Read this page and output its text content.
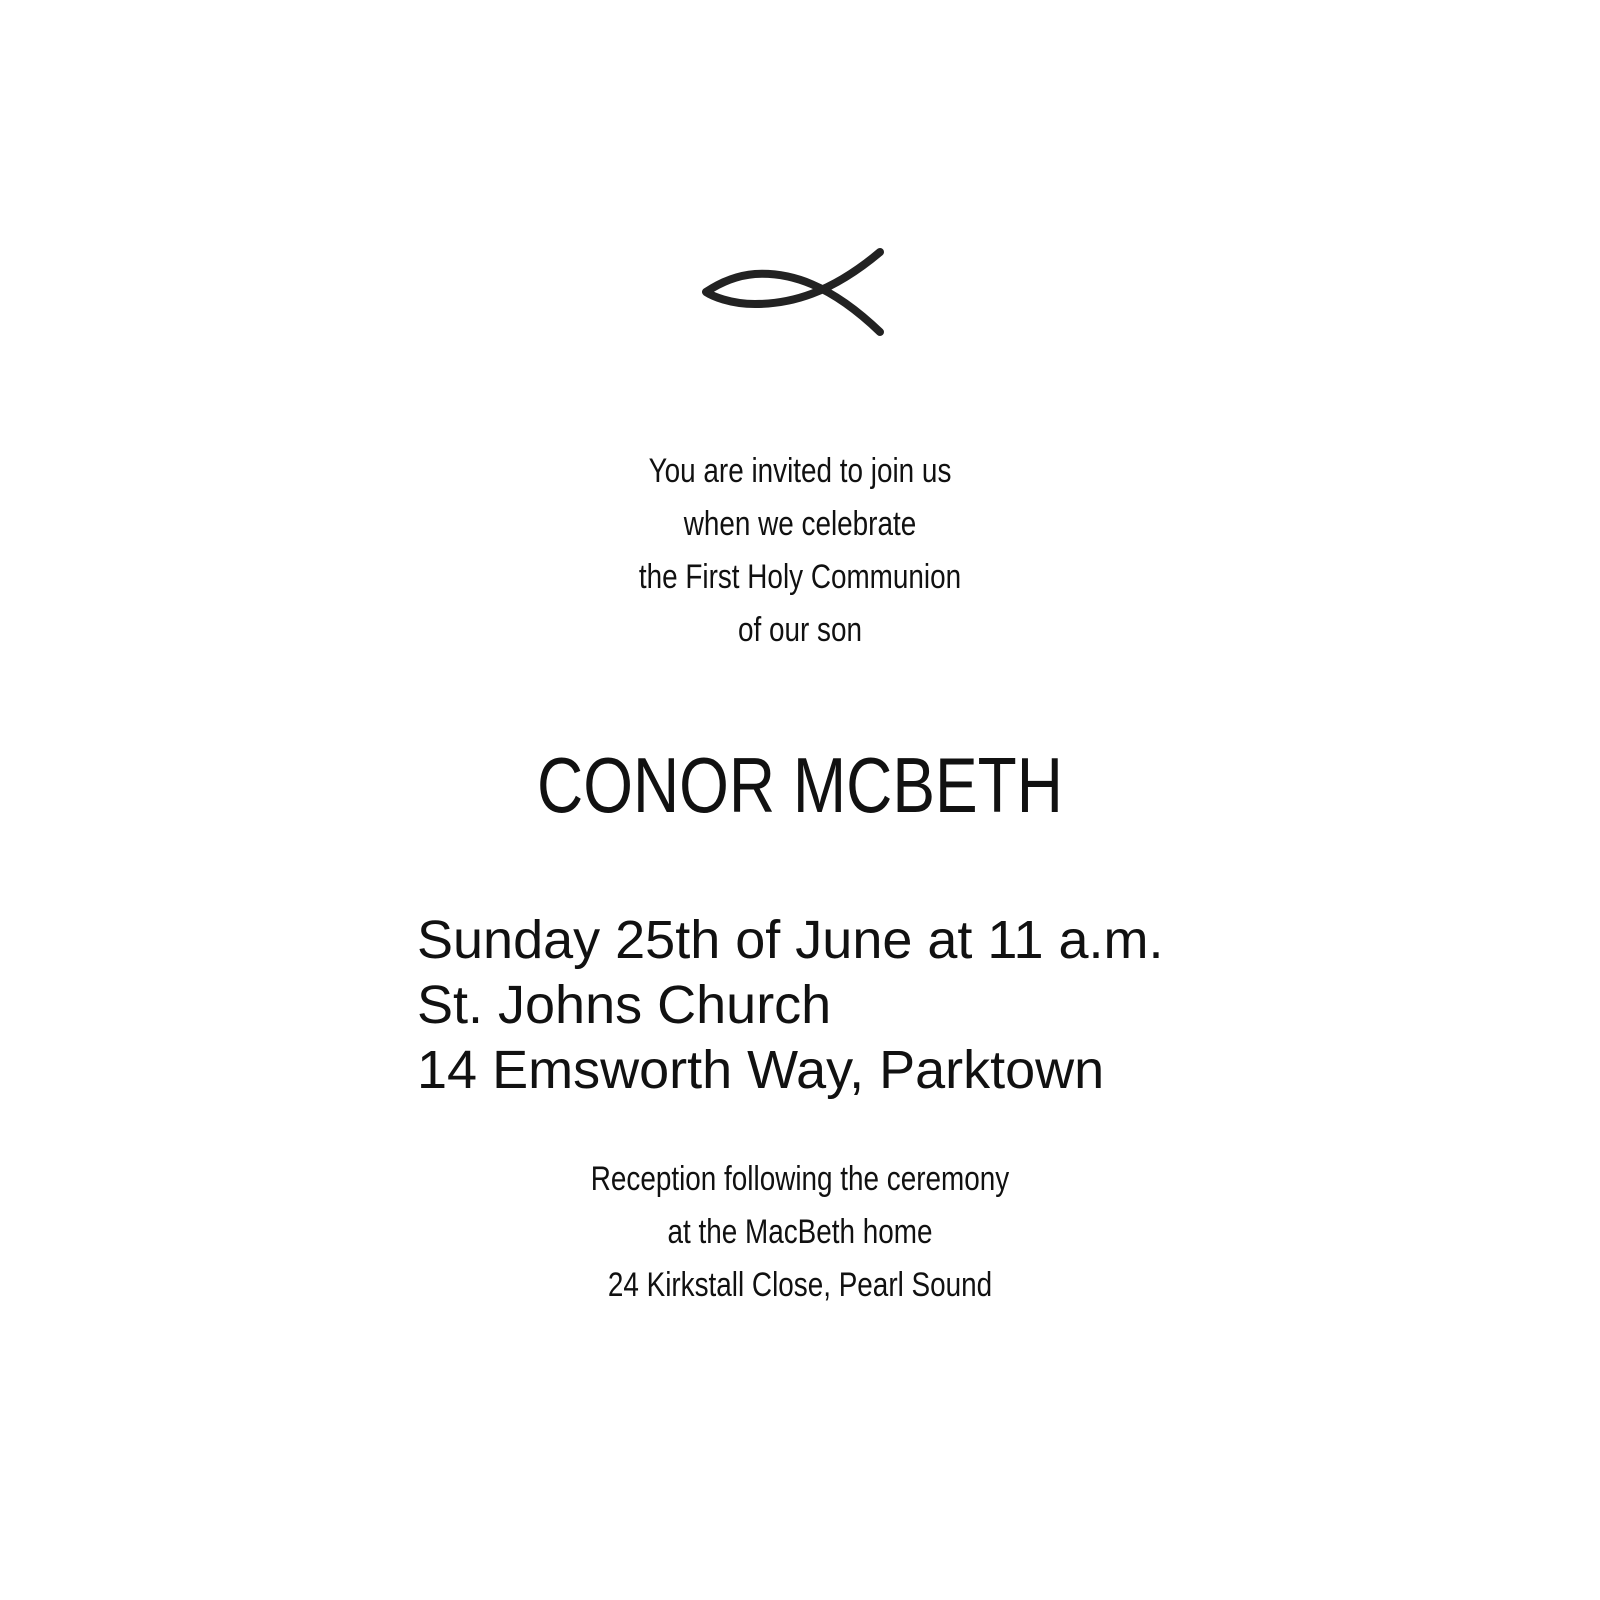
You are invited to join us
when we celebrate
the First Holy Communion
of our son
CONOR MCBETH
Sunday 25th of June at 11 a.m.
St. Johns Church
14 Emsworth Way, Parktown
Reception following the ceremony
at the MacBeth home
24 Kirkstall Close, Pearl Sound
